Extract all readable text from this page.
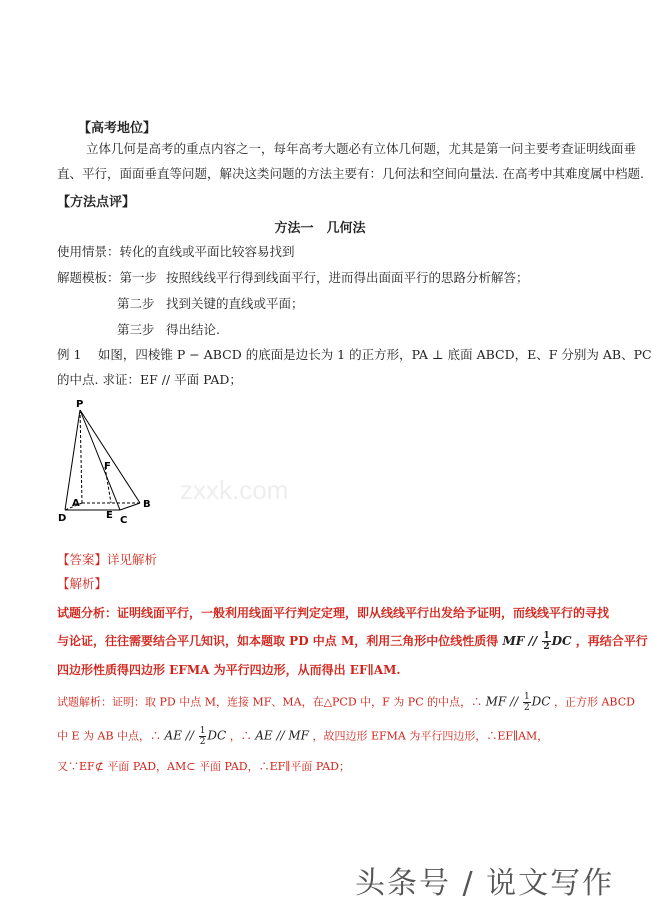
【高考地位】
立体几何是高考的重点内容之一，每年高考大题必有立体几何题，尤其是第一问主要考查证明线面垂
直、平行，面面垂直等问题，解决这类问题的方法主要有：几何法和空间向量法. 在高考中其难度属中档题.
【方法点评】
方法一　几何法
使用情景：转化的直线或平面比较容易找到
解题模板：第一步 按照线线平行得到线面平行，进而得出面面平行的思路分析解答；
第二步 找到关键的直线或平面；
第三步 得出结论.
例 1　 如图，四棱锥 P − ABCD 的底面是边长为 1 的正方形，PA ⊥ 底面 ABCD，E、F 分别为 AB、PC
的中点. 求证：EF // 平面 PAD；
P
F
A	B
E
D	C
zxxk.com
【答案】详见解析
【解析】
试题分析：证明线面平行，一般利用线面平行判定定理，即从线线平行出发给予证明，而线线平行的寻找
与论证，往往需要结合平几知识，如本题取 PD 中点 M，利用三角形中位线性质得 MF // $\frac{1}{2}$ DC ，再结合平行
四边形性质得四边形 EFMA 为平行四边形，从而得出 EF∥AM.
试题解析：证明：取 PD 中点 M，连接 MF、MA，在△PCD 中，F 为 PC 的中点，∴ MF // $\frac{1}{2}$ DC ，正方形 ABCD
中 E 为 AB 中点，∴ AE // $\frac{1}{2}$ DC ，∴ AE // MF ，故四边形 EFMA 为平行四边形，∴EF∥AM，
又∵EF⊄ 平面 PAD，AM⊂ 平面 PAD，∴EF∥平面 PAD；
头条号 / 说文写作
